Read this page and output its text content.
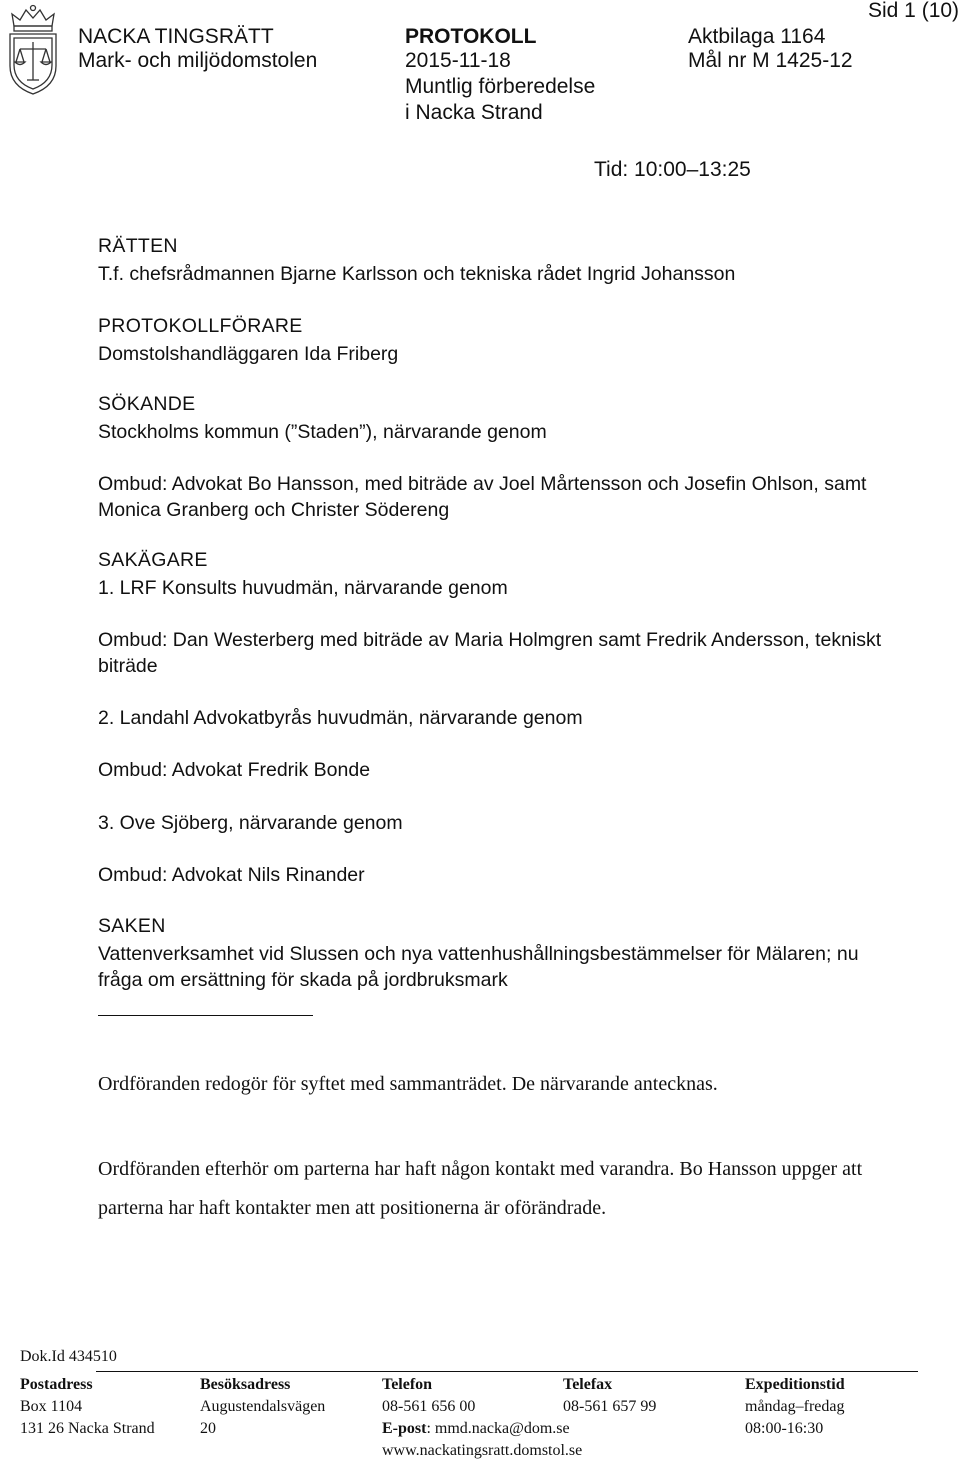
NACKA TINGSRÄTT
Mark- och miljödomstolen
PROTOKOLL
2015-11-18
Muntlig förberedelse
i Nacka Strand
Aktbilaga 1164
Mål nr M 1425-12
Sid 1 (10)
Tid: 10:00–13:25
RÄTTEN
T.f. chefsrådmannen Bjarne Karlsson och tekniska rådet Ingrid Johansson
PROTOKOLLFÖRARE
Domstolshandläggaren Ida Friberg
SÖKANDE
Stockholms kommun (”Staden”), närvarande genom
Ombud: Advokat Bo Hansson, med biträde av Joel Mårtensson och Josefin Ohlson, samt Monica Granberg och Christer Södereng
SAKÄGARE
1. LRF Konsults huvudmän, närvarande genom
Ombud: Dan Westerberg med biträde av Maria Holmgren samt Fredrik Andersson, tekniskt biträde
2. Landahl Advokatbyrås huvudmän, närvarande genom
Ombud: Advokat Fredrik Bonde
3. Ove Sjöberg, närvarande genom
Ombud: Advokat Nils Rinander
SAKEN
Vattenverksamhet vid Slussen och nya vattenhushållningsbestämmelser för Mälaren; nu fråga om ersättning för skada på jordbruksmark
Ordföranden redogör för syftet med sammanträdet. De närvarande antecknas.
Ordföranden efterhör om parterna har haft någon kontakt med varandra. Bo Hansson uppger att parterna har haft kontakter men att positionerna är oförändrade.
Dok.Id 434510
Postadress
Box 1104
131 26 Nacka Strand
Besöksadress
Augustendalsvägen
20
Telefon
08-561 656 00
E-post: mmd.nacka@dom.se
www.nackatingsratt.domstol.se
Telefax
08-561 657 99
Expeditionstid
måndag–fredag
08:00-16:30
